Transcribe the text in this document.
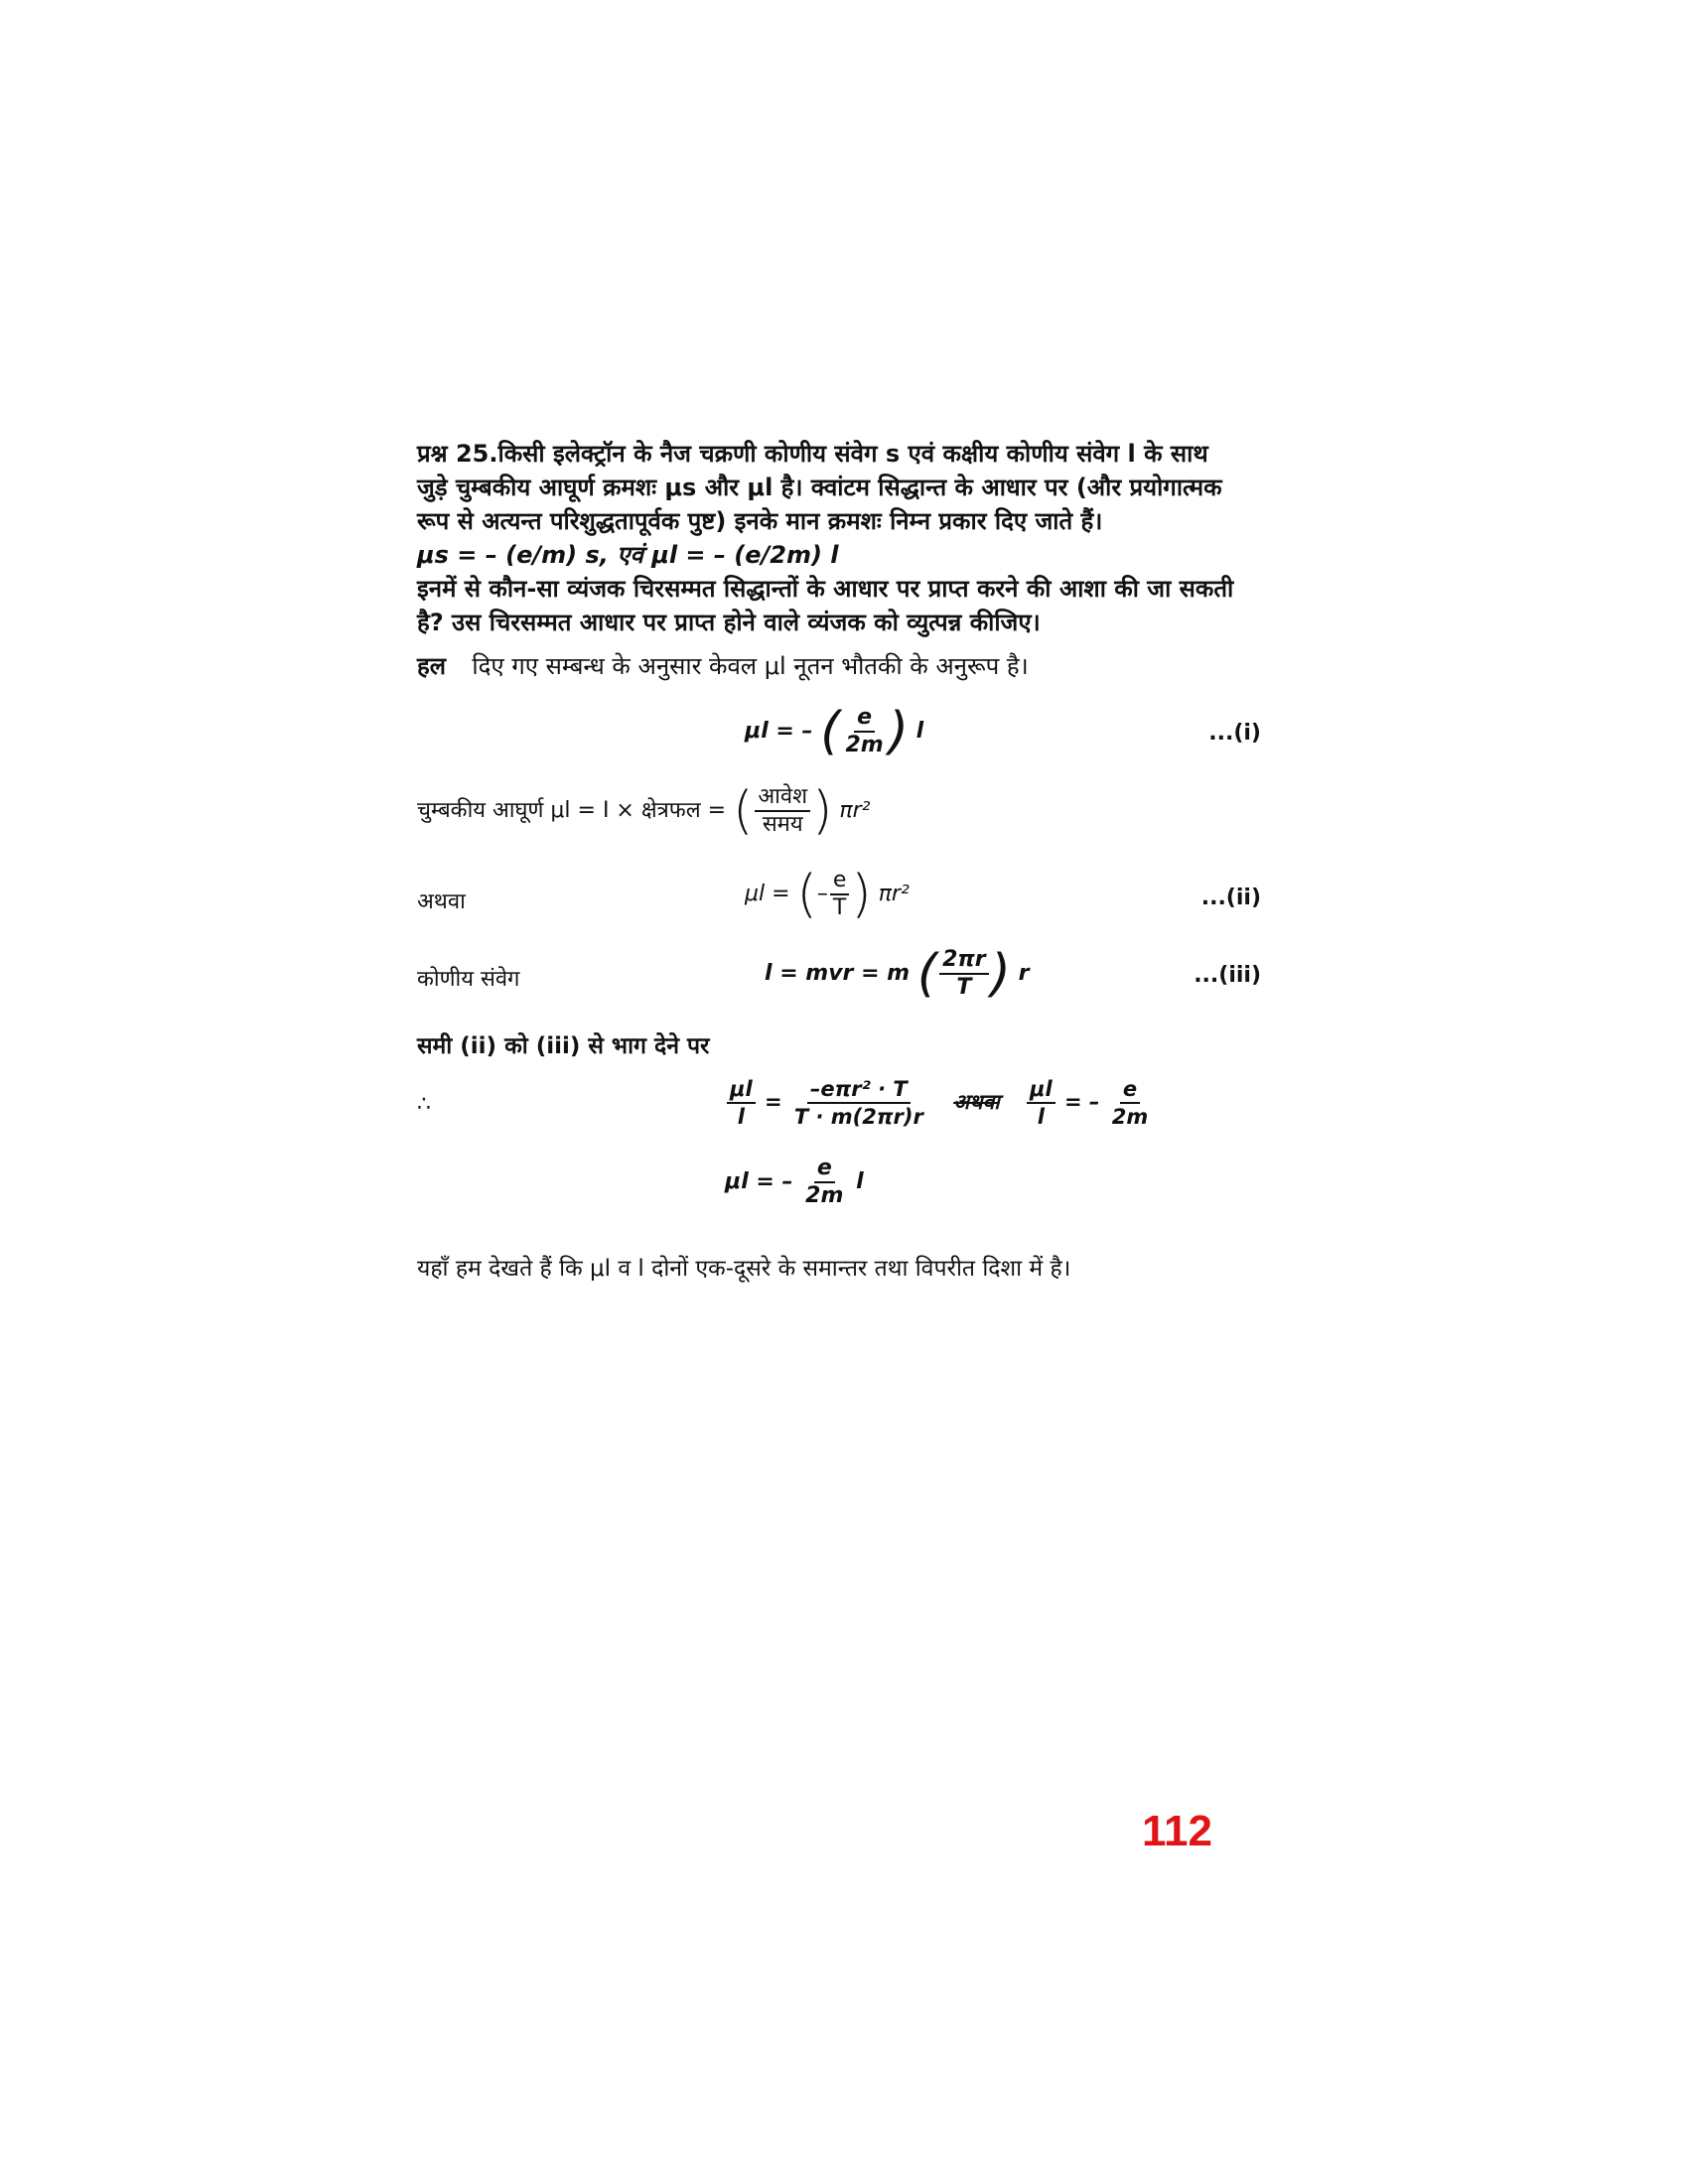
प्रश्न 25.किसी इलेक्ट्रॉन के नैज चक्रणी कोणीय संवेग s एवं कक्षीय कोणीय संवेग l के साथ

जुड़े चुम्बकीय आघूर्ण क्रमशः μs और μl है। क्वांटम सिद्धान्त के आधार पर (और प्रयोगात्मक

रूप से अत्यन्त परिशुद्धतापूर्वक पुष्ट) इनके मान क्रमशः निम्न प्रकार दिए जाते हैं।

μs = – (e/m) s, एवं μl = – (e/2m) l

इनमें से कौन-सा व्यंजक चिरसम्मत सिद्धान्तों के आधार पर प्राप्त करने की आशा की जा सकती

है? उस चिरसम्मत आधार पर प्राप्त होने वाले व्यंजक को व्युत्पन्न कीजिए।

हल दिए गए सम्बन्ध के अनुसार केवल μl नूतन भौतकी के अनुरूप है।
μl = – ( $\frac{e}{2m}$ ) l	...(i)
चुम्बकीय आघूर्ण μl = I × क्षेत्रफल = ( $\frac{\text{आवेश}}{\text{समय}}$ ) πr²
अथवा	μl = (– $\frac{e}{T}$ ) πr²	...(ii)
कोणीय संवेग	l = mvr = m ( $\frac{2\pi r}{T}$ ) r	...(iii)
समी (ii) को (iii) से भाग देने पर
∴	$\frac{\mu l}{l} = \frac{\text{–eπr² · T}}{T \cdot m(2\pi r)r}$ अथवा $\frac{\mu l}{l}$ = – $\frac{e}{2m}$
μl = – $\frac{e}{2m}$ l
यहाँ हम देखते हैं कि μl व l दोनों एक-दूसरे के समान्तर तथा विपरीत दिशा में है।
112
